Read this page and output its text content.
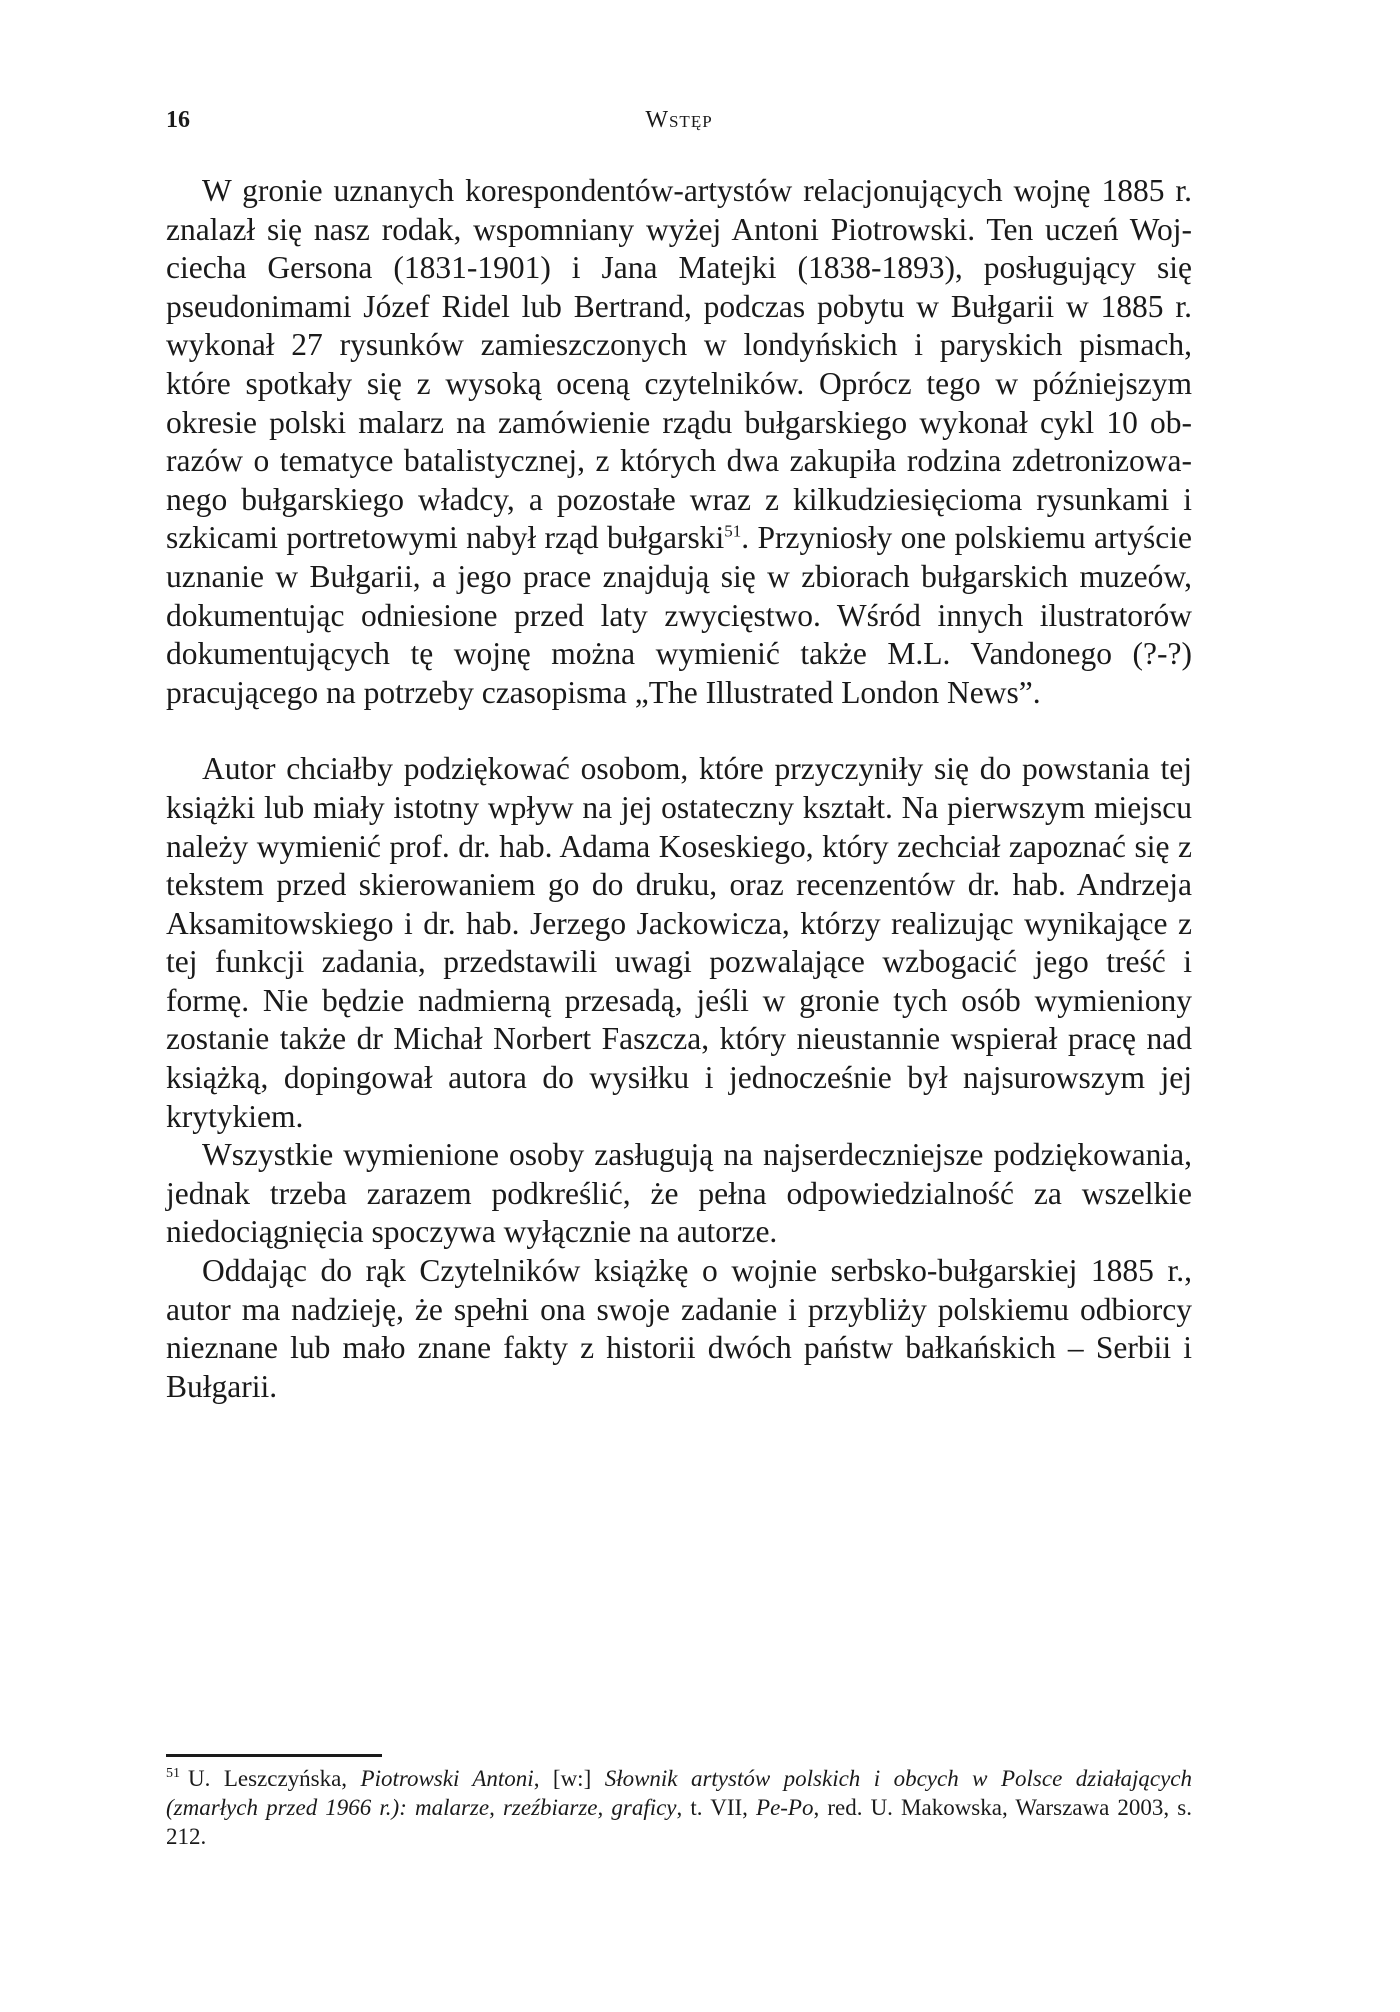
16	Wstęp

W gronie uznanych korespondentów-artystów relacjonujących wojnę 1885 r. znalazł się nasz rodak, wspomniany wyżej Antoni Piotrowski. Ten uczeń Wojciecha Gersona (1831-1901) i Jana Matejki (1838-1893), posługujący się pseudonimami Józef Ridel lub Bertrand, podczas pobytu w Bułgarii w 1885 r. wykonał 27 rysunków zamieszczonych w londyńskich i paryskich pismach, które spotkały się z wysoką oceną czytelników. Oprócz tego w późniejszym okresie polski malarz na zamówienie rządu bułgarskiego wykonał cykl 10 obrazów o tematyce batalistycznej, z których dwa zakupiła rodzina zdetronizowanego bułgarskiego władcy, a pozostałe wraz z kilkudziesięcioma rysunkami i szkicami portretowymi nabył rząd bułgarski$^{51}$. Przyniosły one polskiemu artyście uznanie w Bułgarii, a jego prace znajdują się w zbiorach bułgarskich muzeów, dokumentując odniesione przed laty zwycięstwo. Wśród innych ilustratorów dokumentujących tę wojnę można wymienić także M.L. Vandonego (?-?) pracującego na potrzeby czasopisma „The Illustrated London News”.

Autor chciałby podziękować osobom, które przyczyniły się do powstania tej książki lub miały istotny wpływ na jej ostateczny kształt. Na pierwszym miejscu należy wymienić prof. dr. hab. Adama Koseskiego, który zechciał zapoznać się z tekstem przed skierowaniem go do druku, oraz recenzentów dr. hab. Andrzeja Aksamitowskiego i dr. hab. Jerzego Jackowicza, którzy realizując wynikające z tej funkcji zadania, przedstawili uwagi pozwalające wzbogacić jego treść i formę. Nie będzie nadmierną przesadą, jeśli w gronie tych osób wymieniony zostanie także dr Michał Norbert Faszcza, który nieustannie wspierał pracę nad książką, dopingował autora do wysiłku i jednocześnie był najsurowszym jej krytykiem.

Wszystkie wymienione osoby zasługują na najserdeczniejsze podziękowania, jednak trzeba zarazem podkreślić, że pełna odpowiedzialność za wszelkie niedociągnięcia spoczywa wyłącznie na autorze.

Oddając do rąk Czytelników książkę o wojnie serbsko-bułgarskiej 1885 r., autor ma nadzieję, że spełni ona swoje zadanie i przybliży polskiemu odbiorcy nieznane lub mało znane fakty z historii dwóch państw bałkańskich – Serbii i Bułgarii.

$^{51}$ U. Leszczyńska, Piotrowski Antoni, [w:] Słownik artystów polskich i obcych w Polsce działających (zmarłych przed 1966 r.): malarze, rzeźbiarze, graficy, t. VII, Pe-Po, red. U. Makowska, Warszawa 2003, s. 212.
